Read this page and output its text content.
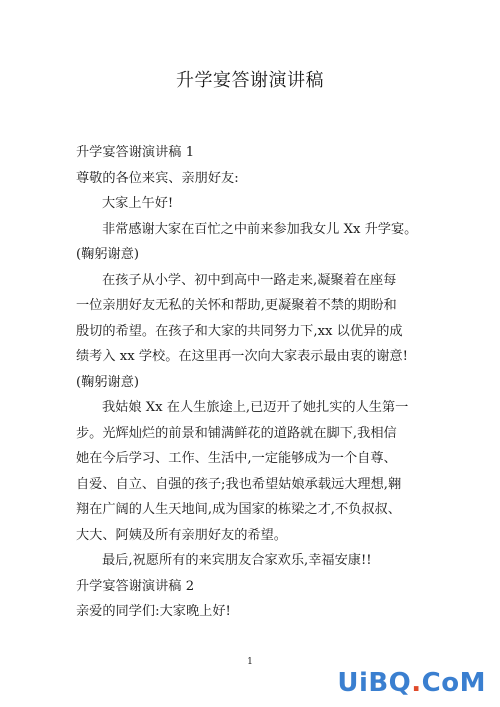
升学宴答谢演讲稿
升学宴答谢演讲稿 1
尊敬的各位来宾、亲朋好友:
大家上午好!
非常感谢大家在百忙之中前来参加我女儿 Xx 升学宴。
(鞠躬谢意)
在孩子从小学、初中到高中一路走来,凝聚着在座每
一位亲朋好友无私的关怀和帮助,更凝聚着不禁的期盼和
殷切的希望。在孩子和大家的共同努力下,xx 以优异的成
绩考入 xx 学校。在这里再一次向大家表示最由衷的谢意!
(鞠躬谢意)
我姑娘 Xx 在人生旅途上,已迈开了她扎实的人生第一
步。光辉灿烂的前景和铺满鲜花的道路就在脚下,我相信
她在今后学习、工作、生活中,一定能够成为一个自尊、
自爱、自立、自强的孩子;我也希望姑娘承载远大理想,翱
翔在广阔的人生天地间,成为国家的栋梁之才,不负叔叔、
大大、阿姨及所有亲朋好友的希望。
最后,祝愿所有的来宾朋友合家欢乐,幸福安康!!
升学宴答谢演讲稿 2
亲爱的同学们:大家晚上好!
1
UiBQ.CoM
